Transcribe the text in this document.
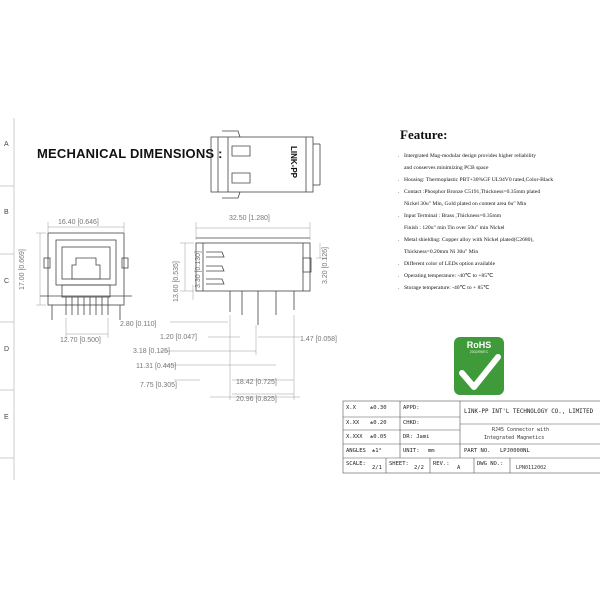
A
B
C
D
E
MECHANICAL DIMENSIONS :	LINK-PP
16.40 [0.646]
17.00 [0.669]
12.70 [0.500]
32.50 [1.280]
13.60 [0.535] 3.30 [0.130]	3.20 [0.126]
2.80 [0.110]
1.20 [0.047]	1.47 [0.058]
3.18 [0.125]
11.31 [0.445]
7.75 [0.305]	18.42 [0.725]
20.96 [0.825]
Feature:
. Intergrated Mag-modular design provides higher reliability
and conserves minimizing PCB space
. Housing: Thermoplastic PBT+30%GF UL94V0 rated,Color-Black
. Contact :Phosphor Bronze C5191,Thickness=0.35mm plated
Nickel 30u" Min, Gold plated on content area 6u" Min
. Input Terminal : Brass ,Thickness=0.35mm
Finish : 120u" min Tin over 50u" min Nickel
. Metal shielding: Copper alloy with Nickel plated(C2680),
Thickness=0.20mm Ni 30u" Min
. Different color of LEDs option available
. Operating temperature: -40℃ to +85℃
. Storage temperature: -40℃ to + 85℃
RoHS
2002/95/EC
X.X	±0.30
X.XX ±0.20
X.XXX ±0.05
ANGLES ±1°
APPD:
CHKD:
DR: Jami
UNIT: mm
LINK-PP INT'L TECHNOLOGY CO., LIMITED
RJ45 Connector with
Integrated Magnetics
PART NO. LPJ0000NL
SCALE:
2/1
SHEET:
2/2
REV.:
A
DWG NO.:
LPN0112002
